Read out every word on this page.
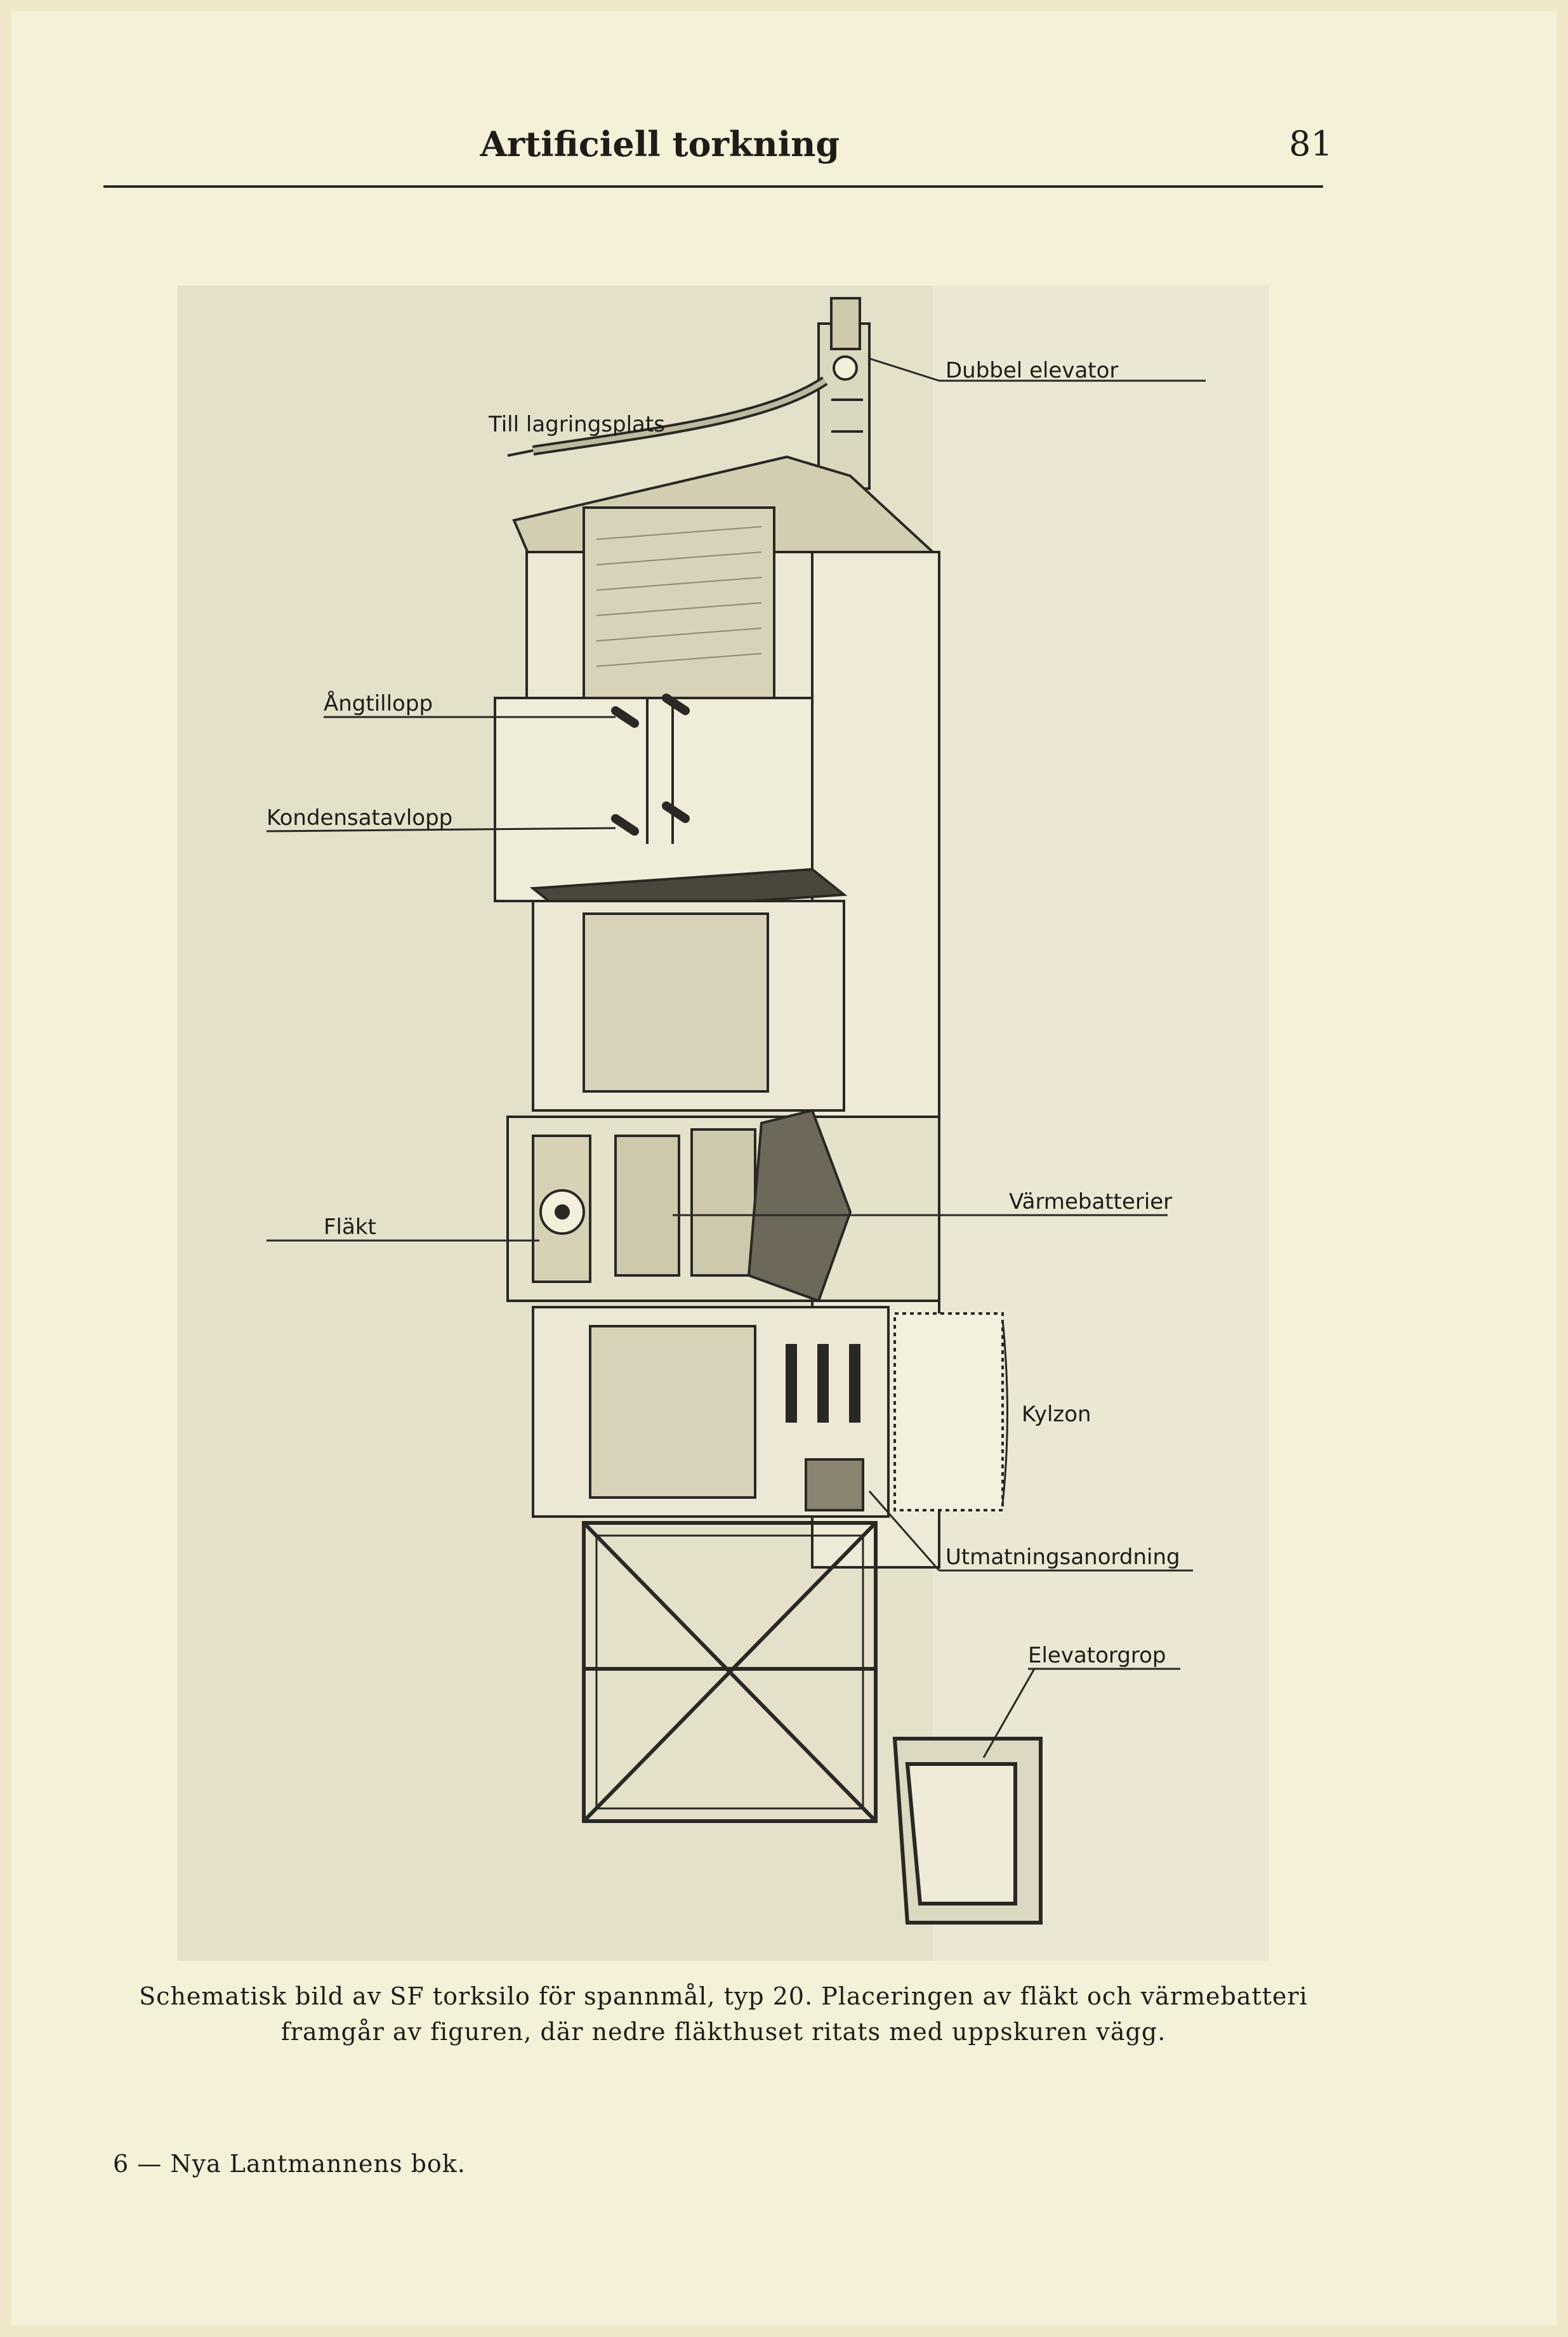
Artificiell torkning	81
Dubbel elevator
Till lagringsplats
Ångtillopp
Kondensatavlopp
Fläkt
Värmebatterier
Kylzon
Utmatningsanordning
Elevatorgrop
Schematisk bild av SF torksilo för spannmål, typ 20. Placeringen av fläkt och värmebatteri
framgår av figuren, där nedre fläkthuset ritats med uppskuren vägg.
6 — Nya Lantmannens bok.
